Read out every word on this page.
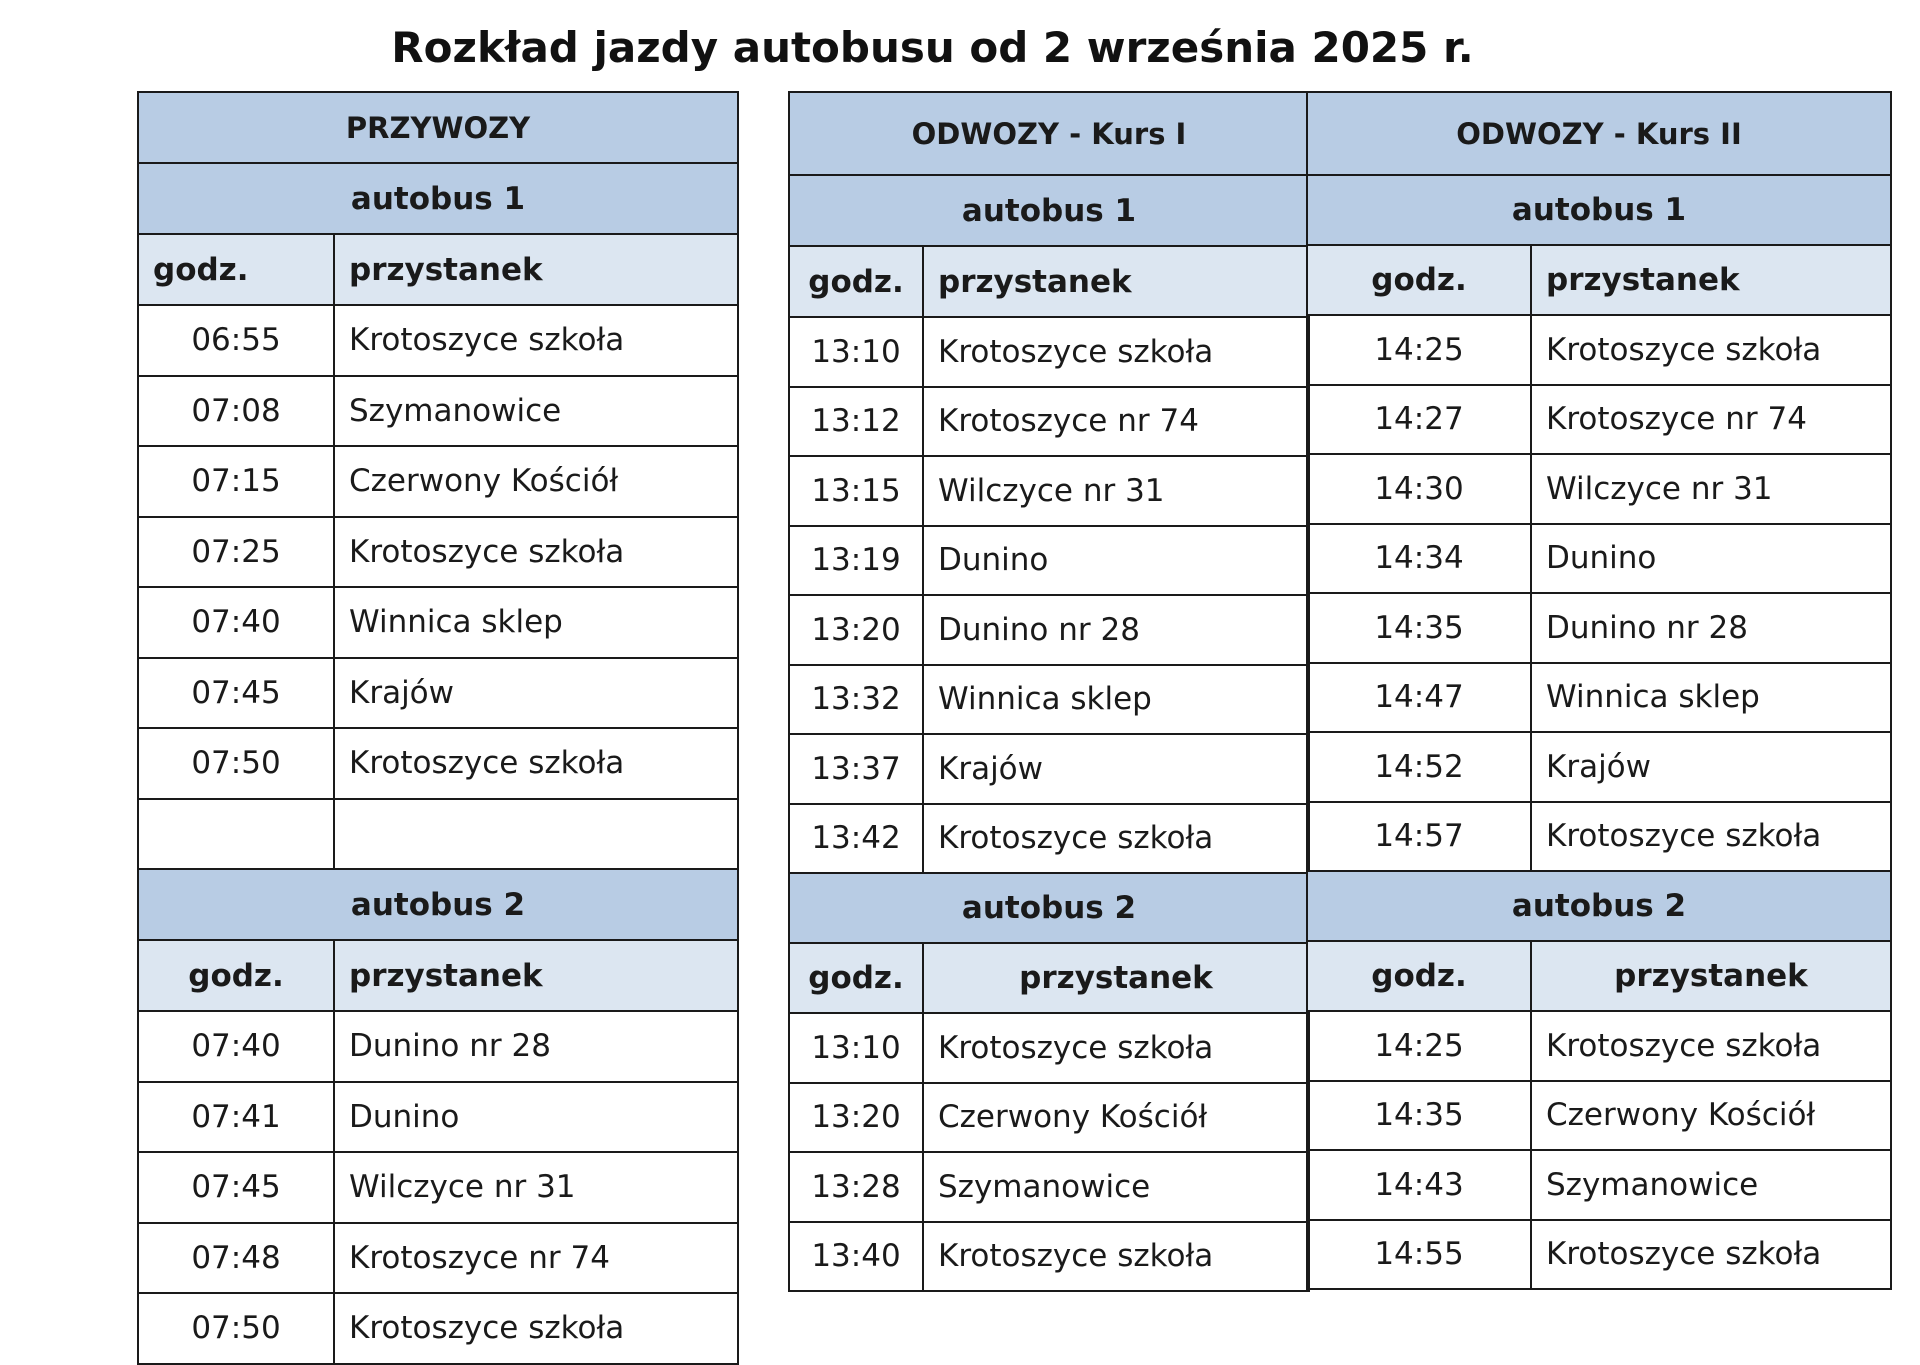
Rozkład jazdy autobusu od 2 września 2025 r.
PRZYWOZY	
autobus 1	
godz.	przystanek
06:55	Krotoszyce szkoła
07:08	Szymanowice
07:15	Czerwony Kościół
07:25	Krotoszyce szkoła
07:40	Winnica sklep
07:45	Krajów
07:50	Krotoszyce szkoła

autobus 2	
godz.	przystanek
07:40	Dunino nr 28
07:41	Dunino
07:45	Wilczyce nr 31
07:48	Krotoszyce nr 74
07:50	Krotoszyce szkoła
ODWOZY - Kurs I	
autobus 1	
godz.	przystanek
13:10	Krotoszyce szkoła
13:12	Krotoszyce nr 74
13:15	Wilczyce nr 31
13:19	Dunino
13:20	Dunino nr 28
13:32	Winnica sklep
13:37	Krajów
13:42	Krotoszyce szkoła
autobus 2	
godz.	przystanek
13:10	Krotoszyce szkoła
13:20	Czerwony Kościół
13:28	Szymanowice
13:40	Krotoszyce szkoła
ODWOZY - Kurs II	
autobus 1	
godz.	przystanek
14:25	Krotoszyce szkoła
14:27	Krotoszyce nr 74
14:30	Wilczyce nr 31
14:34	Dunino
14:35	Dunino nr 28
14:47	Winnica sklep
14:52	Krajów
14:57	Krotoszyce szkoła
autobus 2	
godz.	przystanek
14:25	Krotoszyce szkoła
14:35	Czerwony Kościół
14:43	Szymanowice
14:55	Krotoszyce szkoła
